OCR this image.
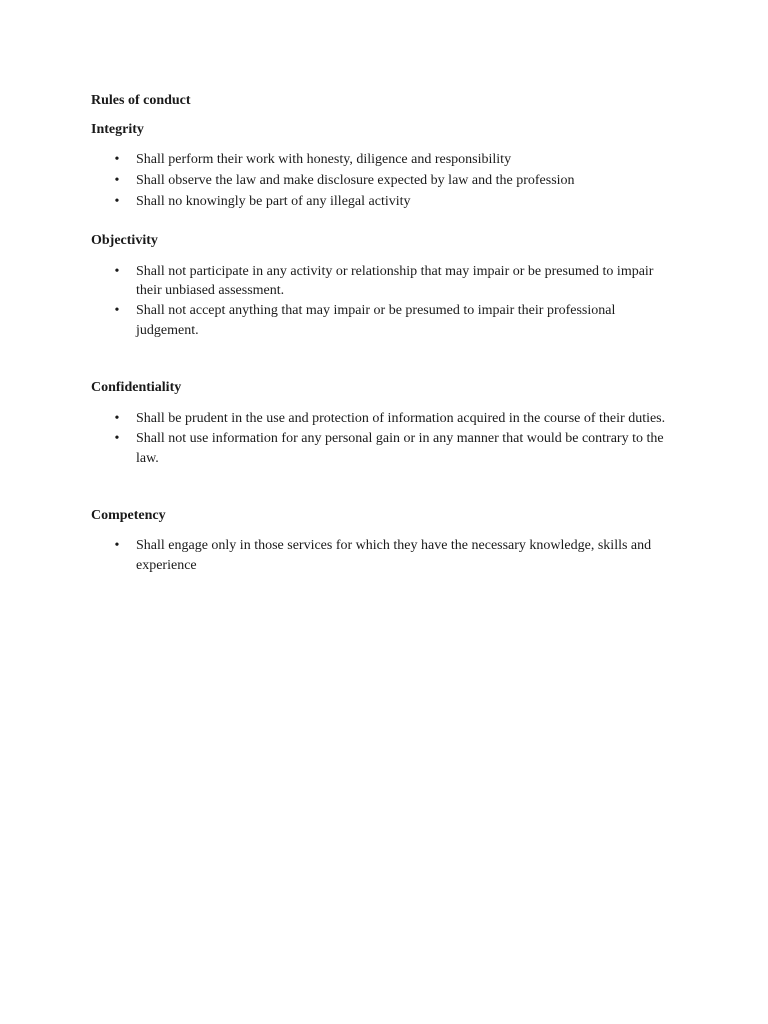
Rules of conduct
Integrity
• Shall perform their work with honesty, diligence and responsibility
• Shall observe the law and make disclosure expected by law and the profession
• Shall no knowingly be part of any illegal activity
Objectivity
• Shall not participate in any activity or relationship that may impair or be presumed to impair their unbiased assessment.
• Shall not accept anything that may impair or be presumed to impair their professional judgement.
Confidentiality
• Shall be prudent in the use and protection of information acquired in the course of their duties.
• Shall not use information for any personal gain or in any manner that would be contrary to the law.
Competency
• Shall engage only in those services for which they have the necessary knowledge, skills and experience
